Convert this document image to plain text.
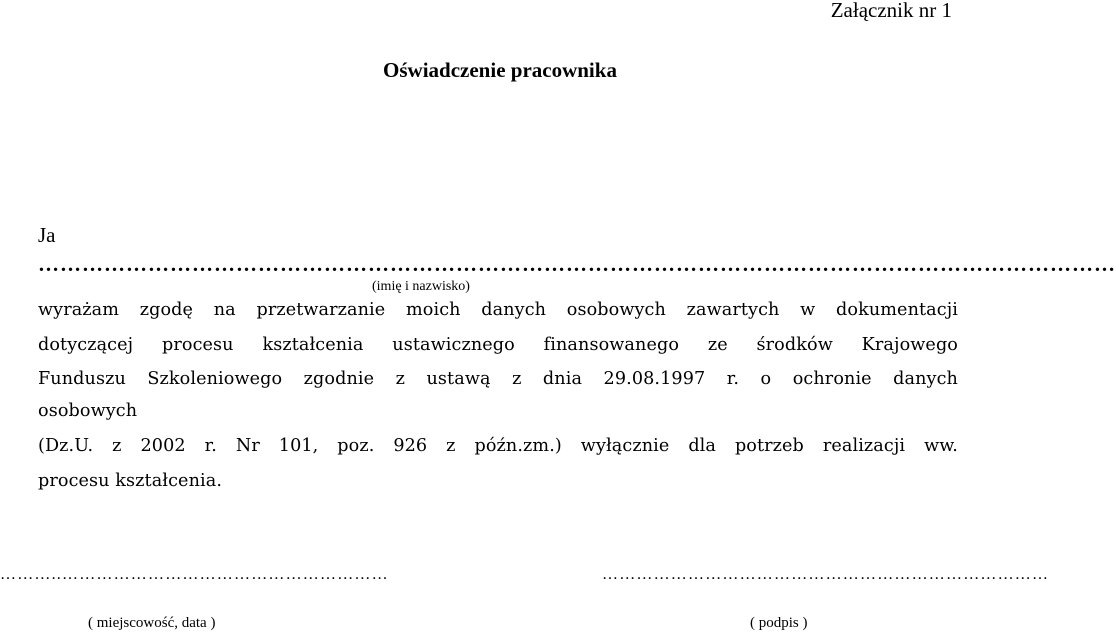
Załącznik nr 1
Oświadczenie pracownika
Ja
…………………………………………………………………………………………………………………………………
(imię i nazwisko)
wyrażam zgodę na przetwarzanie moich danych osobowych zawartych w dokumentacji
dotyczącej procesu kształcenia ustawicznego finansowanego ze środków Krajowego
Funduszu Szkoleniowego zgodnie z ustawą z dnia 29.08.1997 r. o ochronie danych
osobowych
(Dz.U. z 2002 r. Nr 101, poz. 926 z późn.zm.) wyłącznie dla potrzeb realizacji ww.
procesu kształcenia.
………..…………………………………………………	……………………………………………………………………
( miejscowość, data )	( podpis )
